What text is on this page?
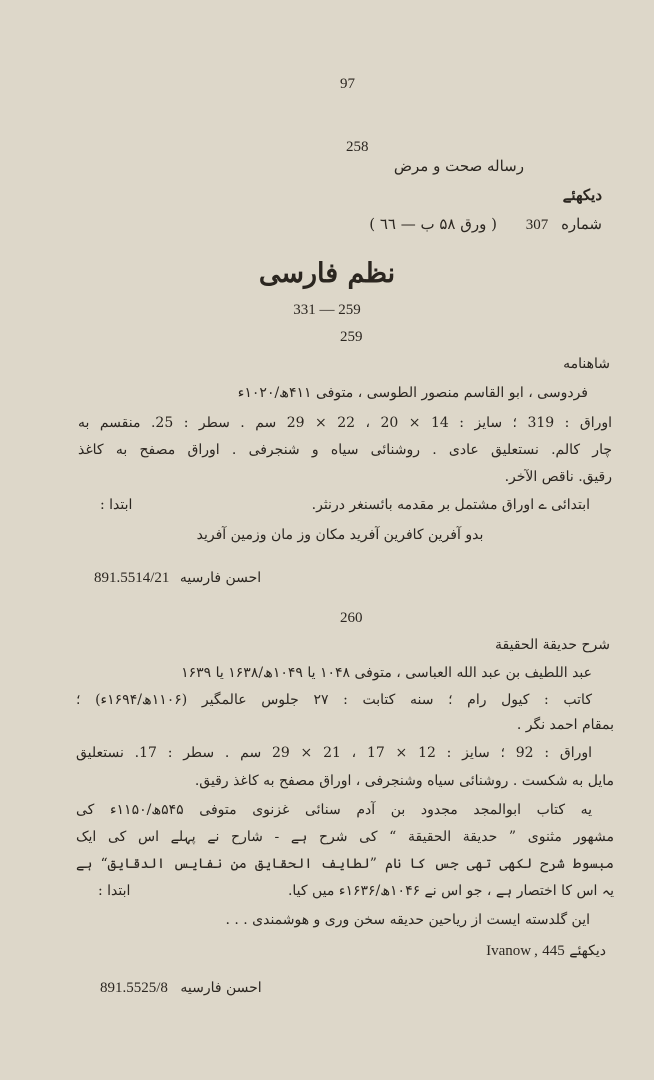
97
258
رساله صحت و مرض
دیکھئے
شماره 307 ( ورق ۵۸ ب — ٦٦ )
نظم فارسی
331 — 259
259
شاهنامه
فردوسی ، ابو القاسم منصور الطوسی ، متوفی ۴۱۱ھ/۱۰۲۰ء
اوراق : 319 ؛ سایز : 14 × 20 ، 22 × 29 سم . سطر : 25. منقسم به
چار کالم. نستعلیق عادی . روشنائی سیاه و شنجرفی . اوراق مصفح به کاغذ
رقیق. ناقص الآخر.
ابتدائی ے اوراق مشتمل بر مقدمه بائسنغر درنثر.
ابتدا :
بدو آفرین کافرین آفرید مکان وز مان وزمین آفرید
891.5514/21 احسن فارسیه
260
شرح حدیقة الحقیقة
عبد اللطیف بن عبد الله العباسی ، متوفی ۱۰۴۸ یا ۱۰۴۹ھ/۱۶۳۸ یا ۱۶۳۹
کاتب : کیول رام ؛ سنه کتابت : ۲۷ جلوس عالمگیر (۱۱۰۶ھ/۱۶۹۴ء) ؛
بمقام احمد نگر .
اوراق : 92 ؛ سایز : 12 × 17 ، 21 × 29 سم . سطر : 17. نستعلیق
مایل به شکست . روشنائی سیاه وشنجرفی ، اوراق مصفح به کاغذ رقیق.
یه کتاب ابوالمجد مجدود بن آدم سنائی غزنوی متوفی ۵۴۵ھ/۱۱۵۰ء کی
مشهور مثنوی ” حدیقة الحقیقة “ کی شرح ہے - شارح نے پہلے اس کی ایک
مبسوط شرح لکھی تھی جس کا نام ”لطایف الحقایق من نفایس الدقایق“ ہے
یہ اس کا اختصار ہے ، جو اس نے ۱۰۴۶ھ/۱۶۳۶ء میں کیا.
ابتدا :
این گلدسته ایست از ریاحین حدیقه سخن وری و هوشمندی . . .
دیکھئے Ivanow , 445
891.5525/8 احسن فارسیه
